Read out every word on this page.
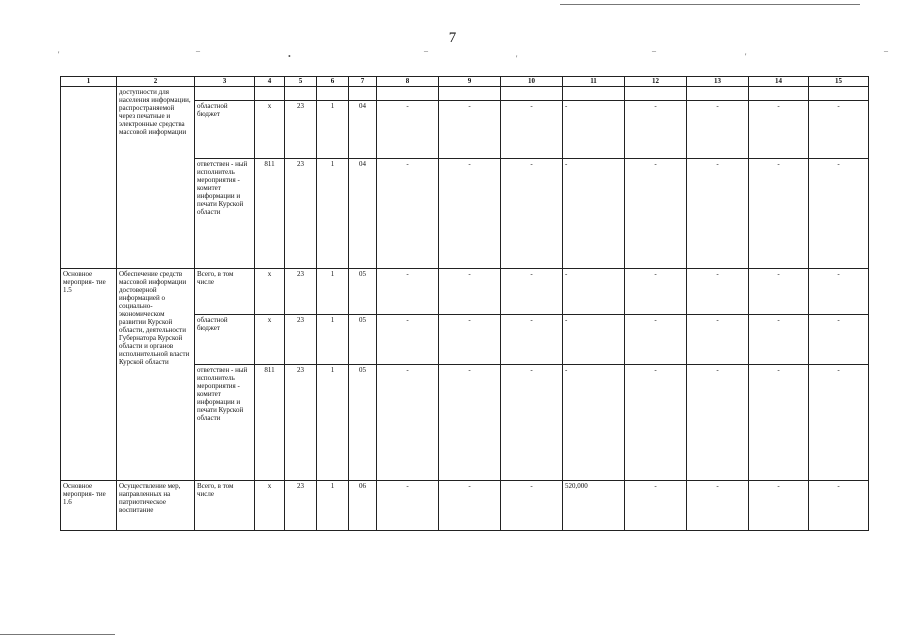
7
'
_
•
_
'
_
'
_
1	2	3	4	5	6	7	8	9	10	11	12	13	14	15
	доступности для населения информации, распространяемой через печатные и электронные средства массовой информации													
		областной бюджет	x	23	1	04	-	-	-	-	-	-	-	-
		ответствен - ный исполнитель мероприятия - комитет информации и печати Курской области	811	23	1	04	-	-	-	-	-	-	-	-
Основное мероприя- тие 1.5	Обеспечение средств массовой информации достоверной информацией о социально- экономическом развитии Курской области, деятельности Губернатора Курской области и органов исполнительной власти Курской области	Всего, в том числе	x	23	1	05	-	-	-	-	-	-	-	-
		областной бюджет	x	23	1	05	-	-	-	-	-	-	-	-
		ответствен - ный исполнитель мероприятия - комитет информации и печати Курской области	811	23	1	05	-	-	-	-	-	-	-	-
Основное мероприя- тие 1.6	Осуществление мер, направленных на патриотическое воспитание	Всего, в том числе	x	23	1	06	-	-	-	520,000	-	-	-	-
